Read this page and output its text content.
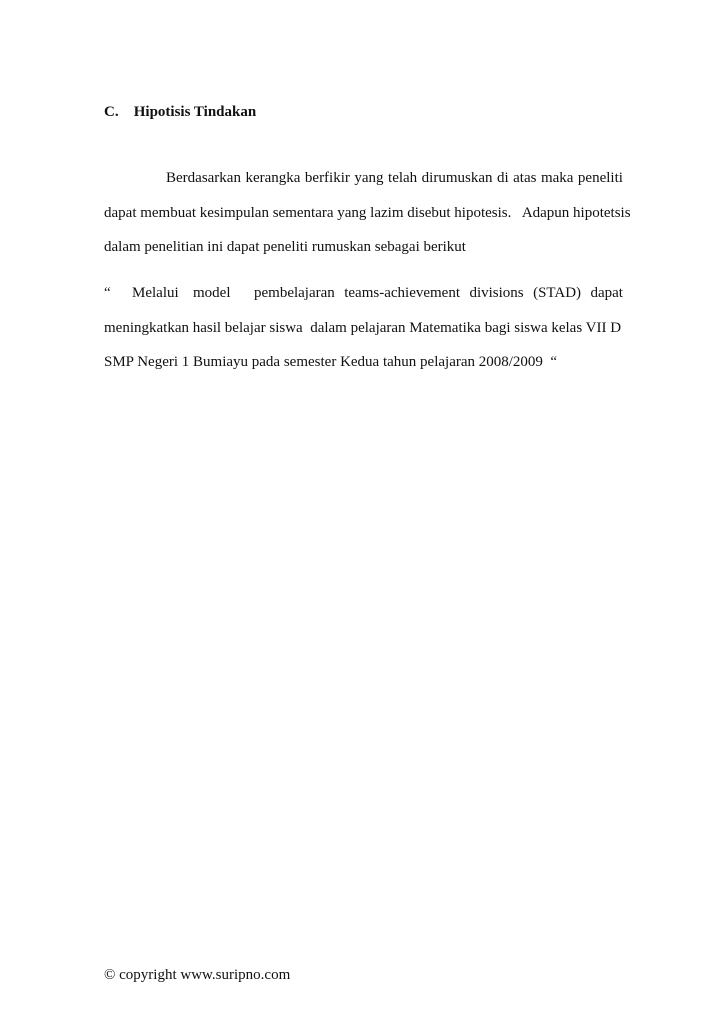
C. Hipotisis Tindakan
Berdasarkan kerangka berfikir yang telah dirumuskan di atas maka peneliti
dapat membuat kesimpulan sementara yang lazim disebut hipotesis.   Adapun hipotetsis
dalam penelitian ini dapat peneliti rumuskan sebagai berikut
“ Melalui model pembelajaran teams-achievement divisions (STAD) dapat
meningkatkan hasil belajar siswa  dalam pelajaran Matematika bagi siswa kelas VII D
SMP Negeri 1 Bumiayu pada semester Kedua tahun pelajaran 2008/2009  “
© copyright www.suripno.com
